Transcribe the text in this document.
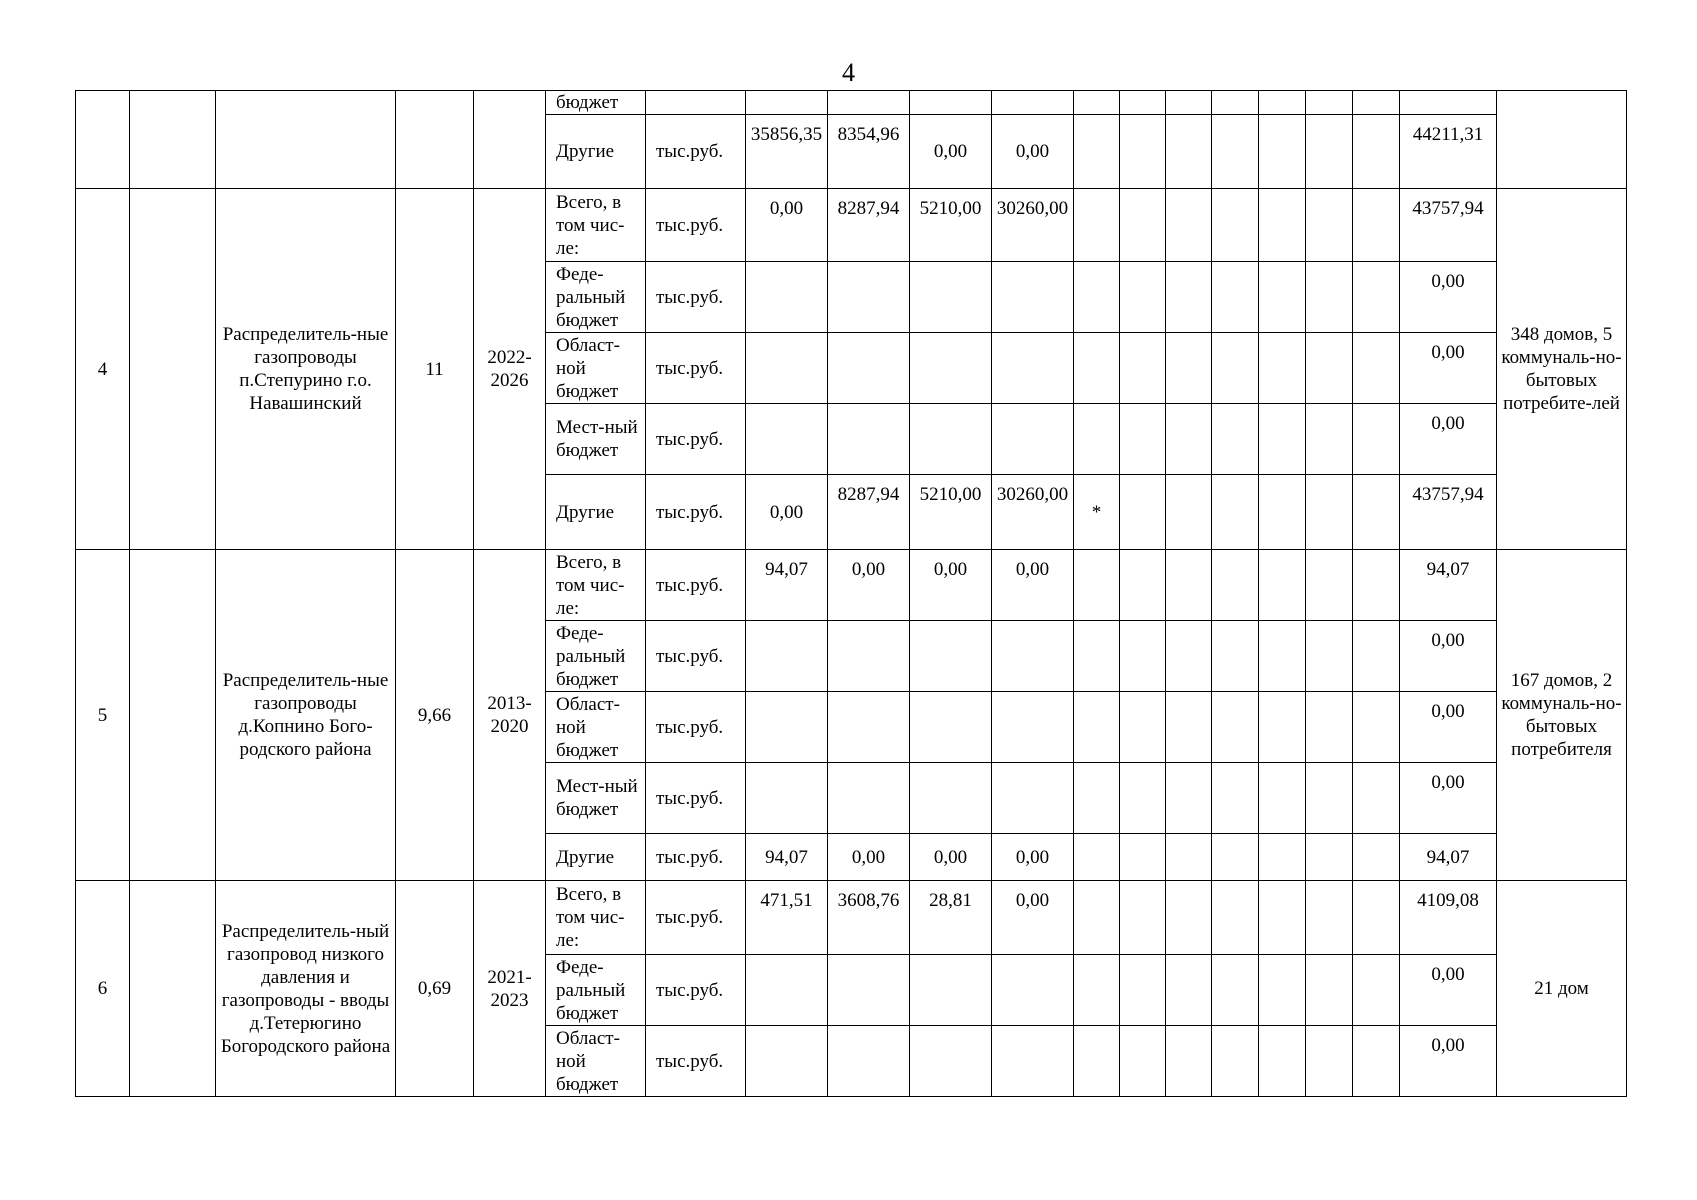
4
					бюджет														
					Другие	тыс.руб.	35856,35	8354,96	0,00	0,00								44211,31	
4		Распределитель-ные газопроводы п.Степурино г.о. Навашинский	11	2022-2026	Всего, в том чис-ле:	тыс.руб.	0,00	8287,94	5210,00	30260,00								43757,94	348 домов, 5 коммуналь-но-бытовых потребите-лей
					Феде-ральный бюджет	тыс.руб.												0,00	
					Област-ной бюджет	тыс.руб.												0,00	
					Мест-ный бюджет	тыс.руб.												0,00	
					Другие	тыс.руб.	0,00	8287,94	5210,00	30260,00	*							43757,94	
5		Распределитель-ные газопроводы д.Копнино Бого-родского района	9,66	2013-2020	Всего, в том чис-ле:	тыс.руб.	94,07	0,00	0,00	0,00								94,07	167 домов, 2 коммуналь-но-бытовых потребителя
					Феде-ральный бюджет	тыс.руб.												0,00	
					Област-ной бюджет	тыс.руб.												0,00	
					Мест-ный бюджет	тыс.руб.												0,00	
					Другие	тыс.руб.	94,07	0,00	0,00	0,00								94,07	
6		Распределитель-ный газопровод низкого давления и газопроводы - вводы д.Тетерюгино Богородского района	0,69	2021-2023	Всего, в том чис-ле:	тыс.руб.	471,51	3608,76	28,81	0,00								4109,08	21 дом
					Феде-ральный бюджет	тыс.руб.												0,00	
					Област-ной бюджет	тыс.руб.												0,00	
